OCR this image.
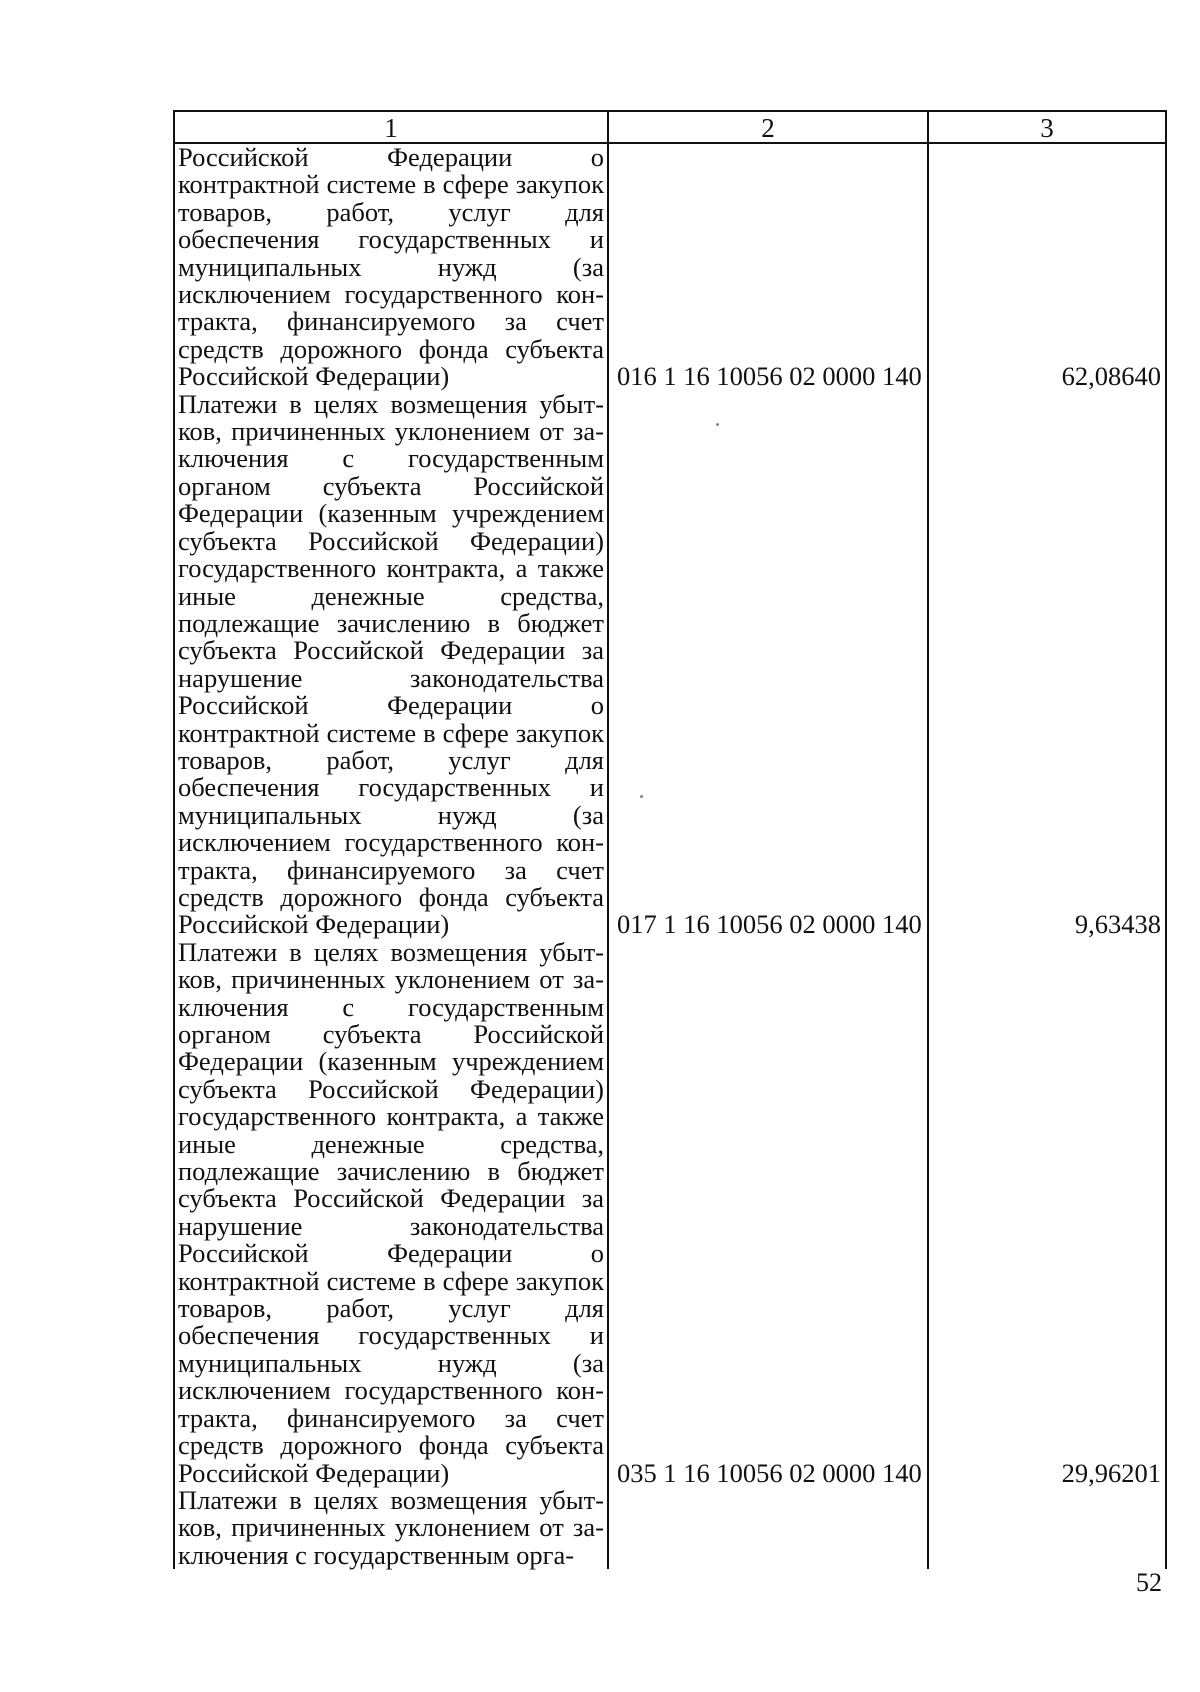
1	2	3
Российской Федерации о контрактной системе в сфере закупок товаров, работ, услуг для обеспечения государственных и муниципальных нужд (за исключением государственного контракта, финансируемого за счет средств дорожного фонда субъекта Российской Федерации)	016 1 16 10056 02 0000 140	62,08640
Платежи в целях возмещения убытков, причиненных уклонением от заключения с государственным органом субъекта Российской Федерации (казенным учреждением субъекта Российской Федерации) государственного контракта, а также иные денежные средства, подлежащие зачислению в бюджет субъекта Российской Федерации за нарушение законодательства Российской Федерации о контрактной системе в сфере закупок товаров, работ, услуг для обеспечения государственных и муниципальных нужд (за исключением государственного контракта, финансируемого за счет средств дорожного фонда субъекта Российской Федерации)	017 1 16 10056 02 0000 140	9,63438
Платежи в целях возмещения убытков, причиненных уклонением от заключения с государственным органом субъекта Российской Федерации (казенным учреждением субъекта Российской Федерации) государственного контракта, а также иные денежные средства, подлежащие зачислению в бюджет субъекта Российской Федерации за нарушение законодательства Российской Федерации о контрактной системе в сфере закупок товаров, работ, услуг для обеспечения государственных и муниципальных нужд (за исключением государственного контракта, финансируемого за счет средств дорожного фонда субъекта Российской Федерации)	035 1 16 10056 02 0000 140	29,96201
Платежи в целях возмещения убытков, причиненных уклонением от заключения с государственным орга-		
52
